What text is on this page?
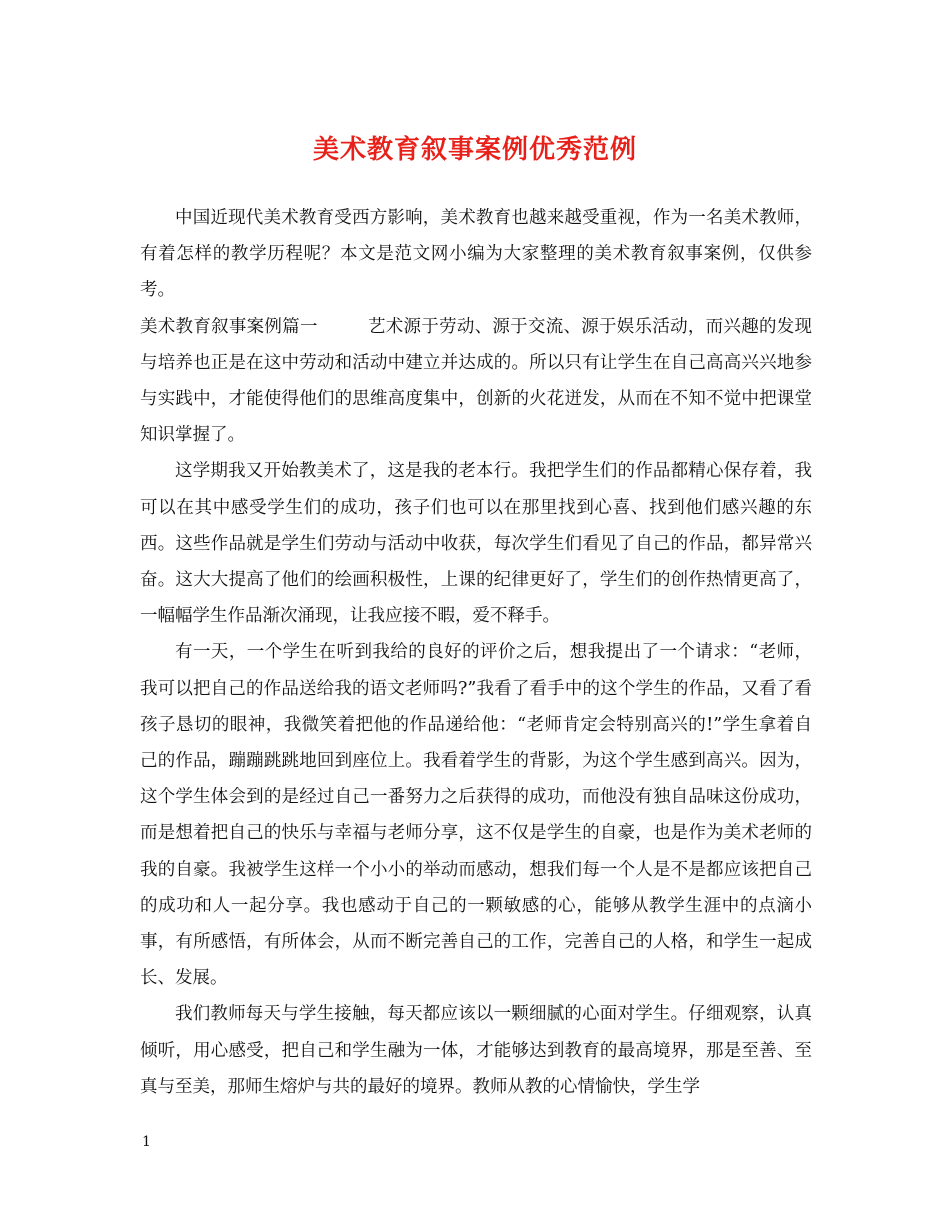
美术教育叙事案例优秀范例

中国近现代美术教育受西方影响，美术教育也越来越受重视，作为一名美术教师，有着怎样的教学历程呢？本文是范文网小编为大家整理的美术教育叙事案例，仅供参考。

美术教育叙事案例篇一	艺术源于劳动、源于交流、源于娱乐活动，而兴趣的发现与培养也正是在这中劳动和活动中建立并达成的。所以只有让学生在自己高高兴兴地参与实践中，才能使得他们的思维高度集中，创新的火花迸发，从而在不知不觉中把课堂知识掌握了。

这学期我又开始教美术了，这是我的老本行。我把学生们的作品都精心保存着，我可以在其中感受学生们的成功，孩子们也可以在那里找到心喜、找到他们感兴趣的东西。这些作品就是学生们劳动与活动中收获，每次学生们看见了自己的作品，都异常兴奋。这大大提高了他们的绘画积极性，上课的纪律更好了，学生们的创作热情更高了，一幅幅学生作品渐次涌现，让我应接不暇，爱不释手。

有一天，一个学生在听到我给的良好的评价之后，想我提出了一个请求：“老师，我可以把自己的作品送给我的语文老师吗?”我看了看手中的这个学生的作品，又看了看孩子恳切的眼神，我微笑着把他的作品递给他：“老师肯定会特别高兴的!”学生拿着自己的作品，蹦蹦跳跳地回到座位上。我看着学生的背影，为这个学生感到高兴。因为，这个学生体会到的是经过自己一番努力之后获得的成功，而他没有独自品味这份成功，而是想着把自己的快乐与幸福与老师分享，这不仅是学生的自豪，也是作为美术老师的我的自豪。我被学生这样一个小小的举动而感动，想我们每一个人是不是都应该把自己的成功和人一起分享。我也感动于自己的一颗敏感的心，能够从教学生涯中的点滴小事，有所感悟，有所体会，从而不断完善自己的工作，完善自己的人格，和学生一起成长、发展。

我们教师每天与学生接触，每天都应该以一颗细腻的心面对学生。仔细观察，认真倾听，用心感受，把自己和学生融为一体，才能够达到教育的最高境界，那是至善、至真与至美，那师生熔炉与共的最好的境界。教师从教的心情愉快，学生学

1
